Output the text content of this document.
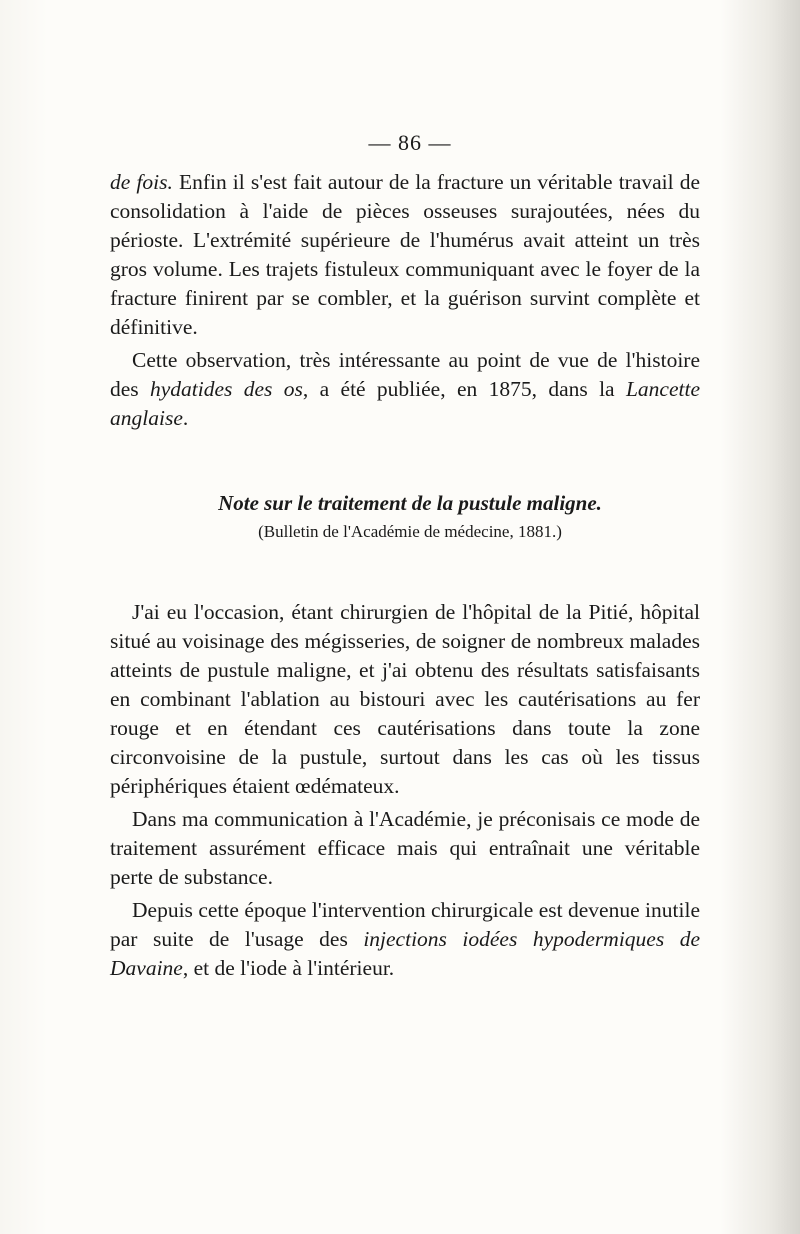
— 86 —

de fois. Enfin il s'est fait autour de la fracture un véritable travail de consolidation à l'aide de pièces osseuses surajoutées, nées du périoste. L'extrémité supérieure de l'humérus avait atteint un très gros volume. Les trajets fistuleux communiquant avec le foyer de la fracture finirent par se combler, et la guérison survint complète et définitive.

Cette observation, très intéressante au point de vue de l'histoire des hydatides des os, a été publiée, en 1875, dans la Lancette anglaise.

Note sur le traitement de la pustule maligne.
(Bulletin de l'Académie de médecine, 1881.)

J'ai eu l'occasion, étant chirurgien de l'hôpital de la Pitié, hôpital situé au voisinage des mégisseries, de soigner de nombreux malades atteints de pustule maligne, et j'ai obtenu des résultats satisfaisants en combinant l'ablation au bistouri avec les cautérisations au fer rouge et en étendant ces cautérisations dans toute la zone circonvoisine de la pustule, surtout dans les cas où les tissus périphériques étaient œdémateux.

Dans ma communication à l'Académie, je préconisais ce mode de traitement assurément efficace mais qui entraînait une véritable perte de substance.

Depuis cette époque l'intervention chirurgicale est devenue inutile par suite de l'usage des injections iodées hypodermiques de Davaine, et de l'iode à l'intérieur.
